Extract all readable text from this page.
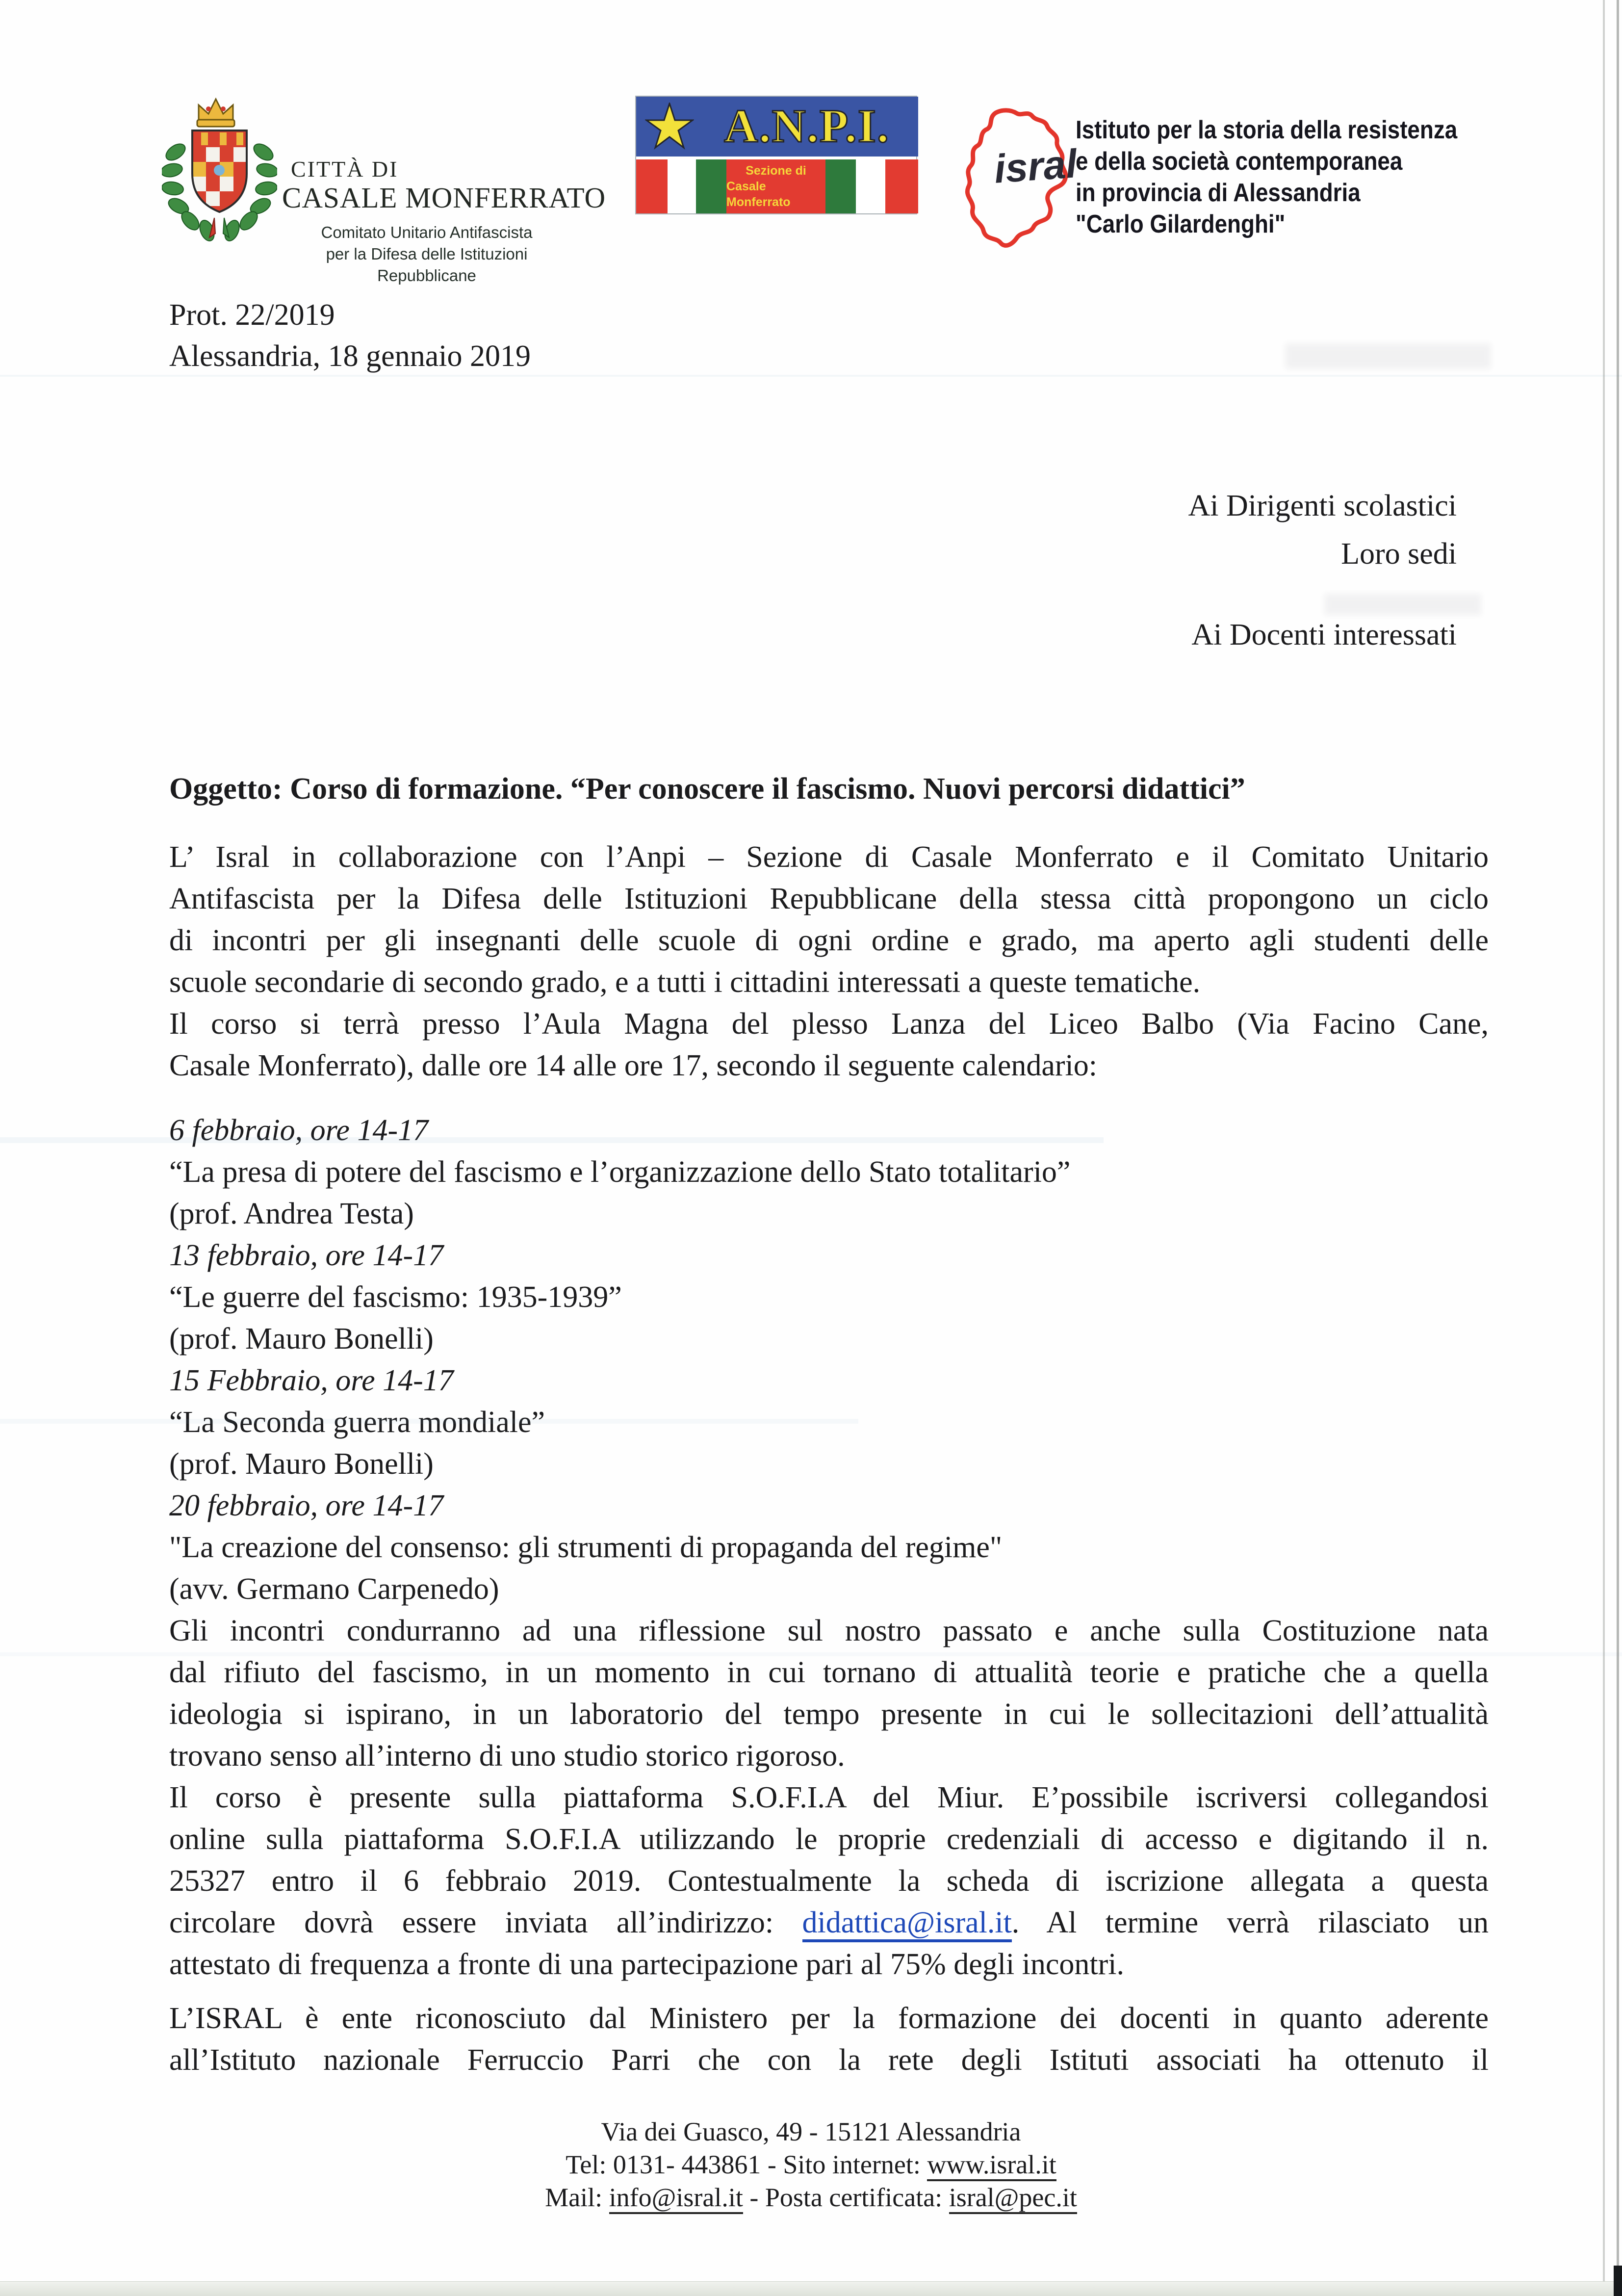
CITTÀ DI
CASALE MONFERRATO
Comitato Unitario Antifascista
per la Difesa delle Istituzioni Repubblicane
A.N.P.I.
Sezione di
Casale Monferrato
isral
Istituto per la storia della resistenza
e della società contemporanea
in provincia di Alessandria
"Carlo Gilardenghi"
Prot. 22/2019
Alessandria, 18 gennaio 2019
Ai Dirigenti scolastici
Loro sedi
Ai Docenti interessati
Oggetto: Corso di formazione. “Per conoscere il fascismo. Nuovi percorsi didattici”
L’ Isral in collaborazione con l’Anpi – Sezione di Casale Monferrato e il Comitato Unitario
Antifascista per la Difesa delle Istituzioni Repubblicane della stessa città propongono un ciclo
di incontri per gli insegnanti delle scuole di ogni ordine e grado, ma aperto agli studenti delle
scuole secondarie di secondo grado, e a tutti i cittadini interessati a queste tematiche.
Il corso si terrà presso l’Aula Magna del plesso Lanza del Liceo Balbo (Via Facino Cane,
Casale Monferrato), dalle ore 14 alle ore 17, secondo il seguente calendario:
6 febbraio, ore 14-17
“La presa di potere del fascismo e l’organizzazione dello Stato totalitario”
(prof. Andrea Testa)
13 febbraio, ore 14-17
“Le guerre del fascismo: 1935-1939”
(prof. Mauro Bonelli)
15 Febbraio, ore 14-17
“La Seconda guerra mondiale”
(prof. Mauro Bonelli)
20 febbraio, ore 14-17
"La creazione del consenso: gli strumenti di propaganda del regime"
(avv. Germano Carpenedo)
Gli incontri condurranno ad una riflessione sul nostro passato e anche sulla Costituzione nata
dal rifiuto del fascismo, in un momento in cui tornano di attualità teorie e pratiche che a quella
ideologia si ispirano, in un laboratorio del tempo presente in cui le sollecitazioni dell’attualità
trovano senso all’interno di uno studio storico rigoroso.
Il corso è presente sulla piattaforma S.O.F.I.A del Miur. E’possibile iscriversi collegandosi
online sulla piattaforma S.O.F.I.A utilizzando le proprie credenziali di accesso e digitando il n.
25327 entro il 6 febbraio 2019. Contestualmente la scheda di iscrizione allegata a questa
circolare dovrà essere inviata all’indirizzo: didattica@isral.it. Al termine verrà rilasciato un
attestato di frequenza a fronte di una partecipazione pari al 75% degli incontri.
L’ISRAL è ente riconosciuto dal Ministero per la formazione dei docenti in quanto aderente
all’Istituto nazionale Ferruccio Parri che con la rete degli Istituti associati ha ottenuto il
Via dei Guasco, 49 - 15121 Alessandria
Tel: 0131- 443861 - Sito internet: www.isral.it
Mail: info@isral.it - Posta certificata: isral@pec.it
